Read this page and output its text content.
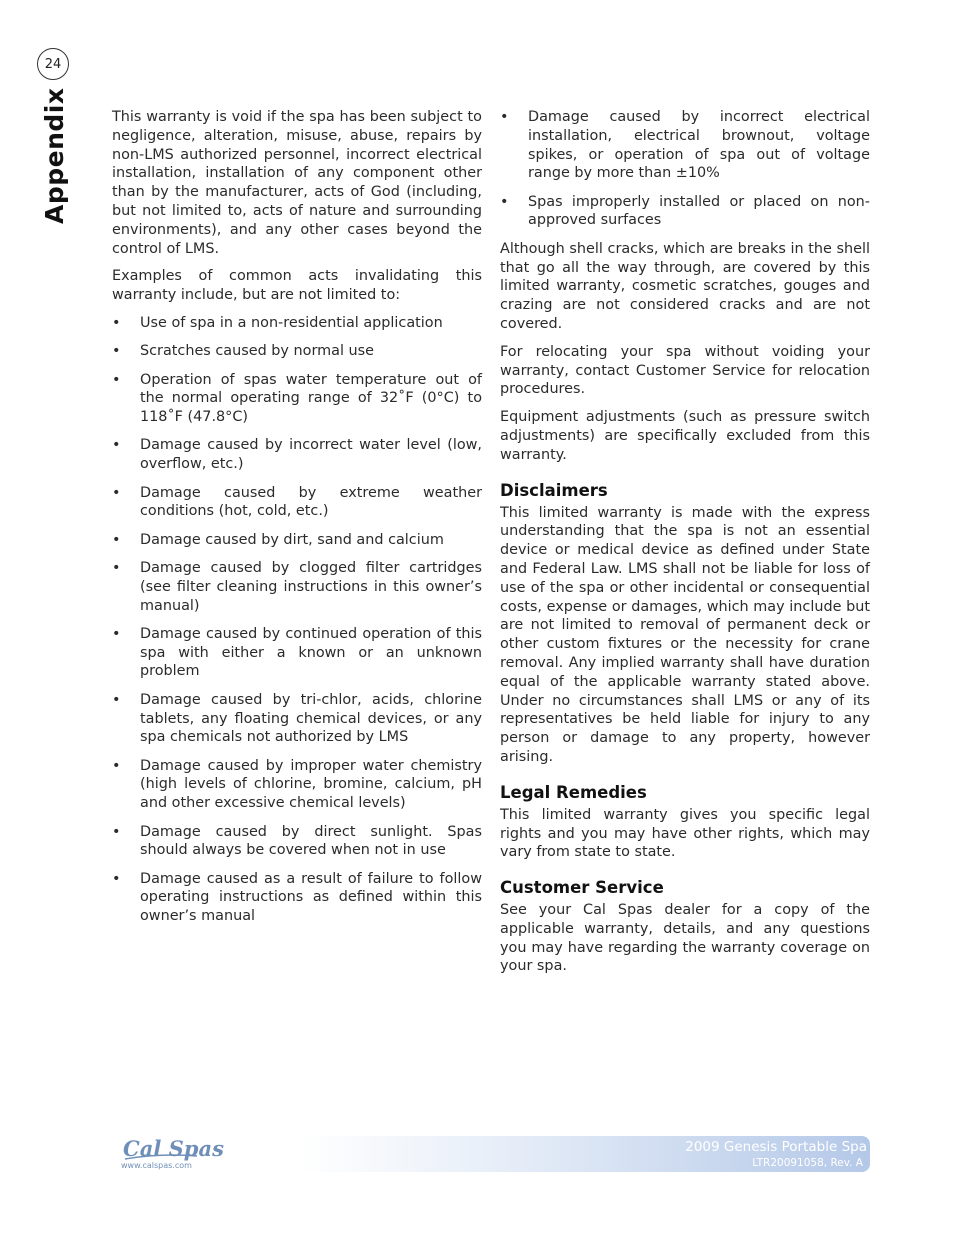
24
Appendix	This warranty is void if the spa has been subject to negligence, alteration, misuse, abuse, repairs by non-LMS authorized personnel, incorrect electrical installation, installation of any component other than by the manufacturer, acts of God (including, but not limited to, acts of nature and surrounding environments), and any other cases beyond the control of LMS.

Examples of common acts invalidating this warranty include, but are not limited to:

• Use of spa in a non-residential application
• Scratches caused by normal use
• Operation of spas water temperature out of the normal operating range of 32˚F (0°C) to 118˚F (47.8°C)
• Damage caused by incorrect water level (low, overflow, etc.)
• Damage caused by extreme weather conditions (hot, cold, etc.)
• Damage caused by dirt, sand and calcium
• Damage caused by clogged filter cartridges (see filter cleaning instructions in this owner’s manual)
• Damage caused by continued operation of this spa with either a known or an unknown problem
• Damage caused by tri-chlor, acids, chlorine tablets, any floating chemical devices, or any spa chemicals not authorized by LMS
• Damage caused by improper water chemistry (high levels of chlorine, bromine, calcium, pH and other excessive chemical levels)
• Damage caused by direct sunlight. Spas should always be covered when not in use
• Damage caused as a result of failure to follow operating instructions as defined within this owner’s manual
• Damage caused by incorrect electrical installation, electrical brownout, voltage spikes, or operation of spa out of voltage range by more than ±10%
• Spas improperly installed or placed on non-approved surfaces

Although shell cracks, which are breaks in the shell that go all the way through, are covered by this limited warranty, cosmetic scratches, gouges and crazing are not considered cracks and are not covered.

For relocating your spa without voiding your warranty, contact Customer Service for relocation procedures.

Equipment adjustments (such as pressure switch adjustments) are specifically excluded from this warranty.

Disclaimers

This limited warranty is made with the express understanding that the spa is not an essential device or medical device as defined under State and Federal Law. LMS shall not be liable for loss of use of the spa or other incidental or consequential costs, expense or damages, which may include but are not limited to removal of permanent deck or other custom fixtures or the necessity for crane removal. Any implied warranty shall have duration equal of the applicable warranty stated above. Under no circumstances shall LMS or any of its representatives be held liable for injury to any person or damage to any property, however arising.

Legal Remedies

This limited warranty gives you specific legal rights and you may have other rights, which may vary from state to state.

Customer Service

See your Cal Spas dealer for a copy of the applicable warranty, details, and any questions you may have regarding the warranty coverage on your spa.

2009 Genesis Portable Spa
LTR20091058, Rev. A
Cal Spas
www.calspas.com
